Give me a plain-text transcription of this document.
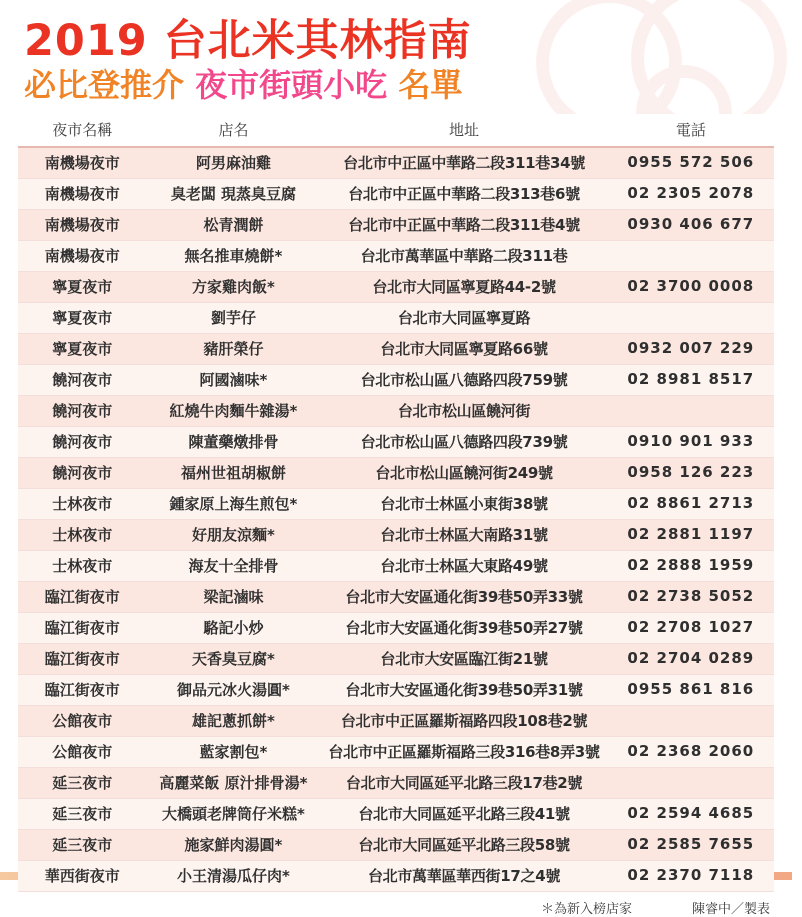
2019 台北米其林指南
必比登推介 夜市街頭小吃 名單
夜市名稱	店名	地址	電話
南機場夜市	阿男麻油雞	台北市中正區中華路二段311巷34號	0955 572 506
南機場夜市	臭老闆 現蒸臭豆腐	台北市中正區中華路二段313巷6號	02 2305 2078
南機場夜市	松青潤餅	台北市中正區中華路二段311巷4號	0930 406 677
南機場夜市	無名推車燒餅*	台北市萬華區中華路二段311巷	
寧夏夜市	方家雞肉飯*	台北市大同區寧夏路44-2號	02 3700 0008
寧夏夜市	劉芋仔	台北市大同區寧夏路	
寧夏夜市	豬肝榮仔	台北市大同區寧夏路66號	0932 007 229
饒河夜市	阿國滷味*	台北市松山區八德路四段759號	02 8981 8517
饒河夜市	紅燒牛肉麵牛雜湯*	台北市松山區饒河街	
饒河夜市	陳董藥燉排骨	台北市松山區八德路四段739號	0910 901 933
饒河夜市	福州世祖胡椒餅	台北市松山區饒河街249號	0958 126 223
士林夜市	鍾家原上海生煎包*	台北市士林區小東街38號	02 8861 2713
士林夜市	好朋友涼麵*	台北市士林區大南路31號	02 2881 1197
士林夜市	海友十全排骨	台北市士林區大東路49號	02 2888 1959
臨江街夜市	梁記滷味	台北市大安區通化街39巷50弄33號	02 2738 5052
臨江街夜市	駱記小炒	台北市大安區通化街39巷50弄27號	02 2708 1027
臨江街夜市	天香臭豆腐*	台北市大安區臨江街21號	02 2704 0289
臨江街夜市	御品元冰火湯圓*	台北市大安區通化街39巷50弄31號	0955 861 816
公館夜市	雄記蔥抓餅*	台北市中正區羅斯福路四段108巷2號	
公館夜市	藍家割包*	台北市中正區羅斯福路三段316巷8弄3號	02 2368 2060
延三夜市	高麗菜飯 原汁排骨湯*	台北市大同區延平北路三段17巷2號	
延三夜市	大橋頭老牌筒仔米糕*	台北市大同區延平北路三段41號	02 2594 4685
延三夜市	施家鮮肉湯圓*	台北市大同區延平北路三段58號	02 2585 7655
華西街夜市	小王清湯瓜仔肉*	台北市萬華區華西街17之4號	02 2370 7118
＊為新入榜店家	陳睿中／製表
